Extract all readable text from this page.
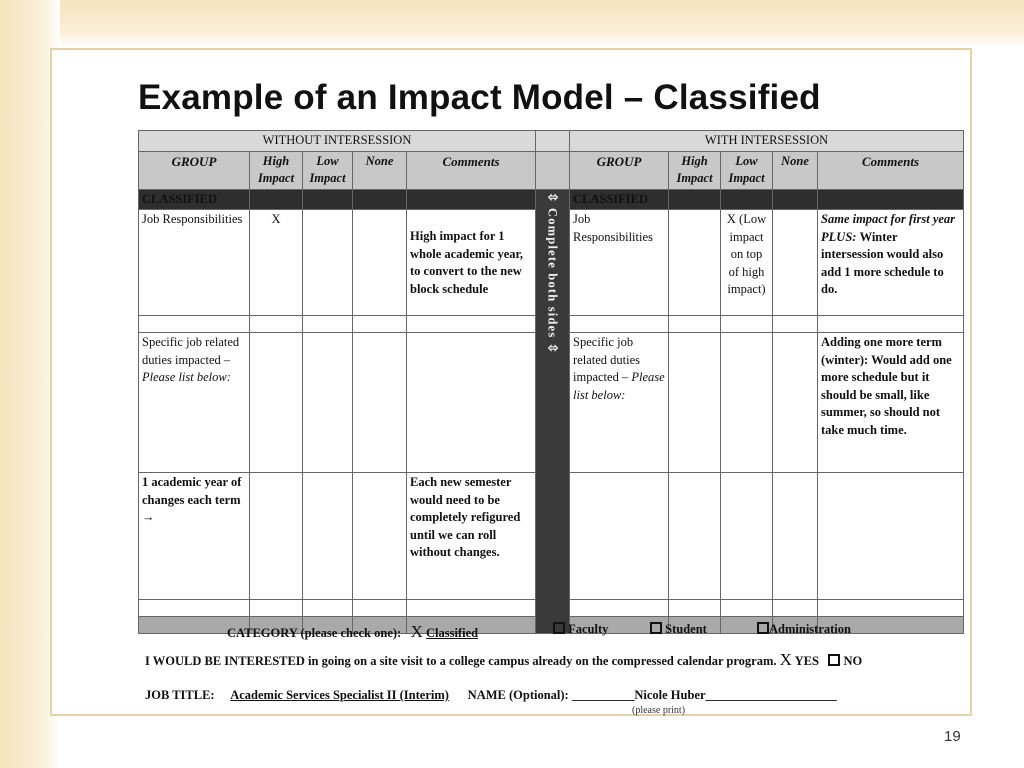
Example of an Impact Model – Classified
WITHOUT INTERSESSION						WITH INTERSESSION				
GROUP	High Impact	Low Impact	None	Comments		GROUP	High Impact	Low Impact	None	Comments
CLASSIFIED					⇳ Complete both sides ⇳	CLASSIFIED				
Job Responsibilities	X			High impact for 1 whole academic year, to convert to the new block schedule		Job Responsibilities		X (Low impact on top of high impact)		Same impact for first year PLUS: Winter intersession would also add 1 more schedule to do.

Specific job related duties impacted – Please list below:						Specific job related duties impacted – Please list below:				Adding one more term (winter): Would add one more schedule but it should be small, like summer, so should not take much time.
1 academic year of changes each term →				Each new semester would need to be completely refigured until we can roll without changes.						

CATEGORY (please check one): X Classified	Faculty	Student	Administration
I WOULD BE INTERESTED in going on a site visit to a college campus already on the compressed calendar program. X YES NO
JOB TITLE: Academic Services Specialist II (Interim) NAME (Optional): __________Nicole Huber_____________________
(please print)
19
